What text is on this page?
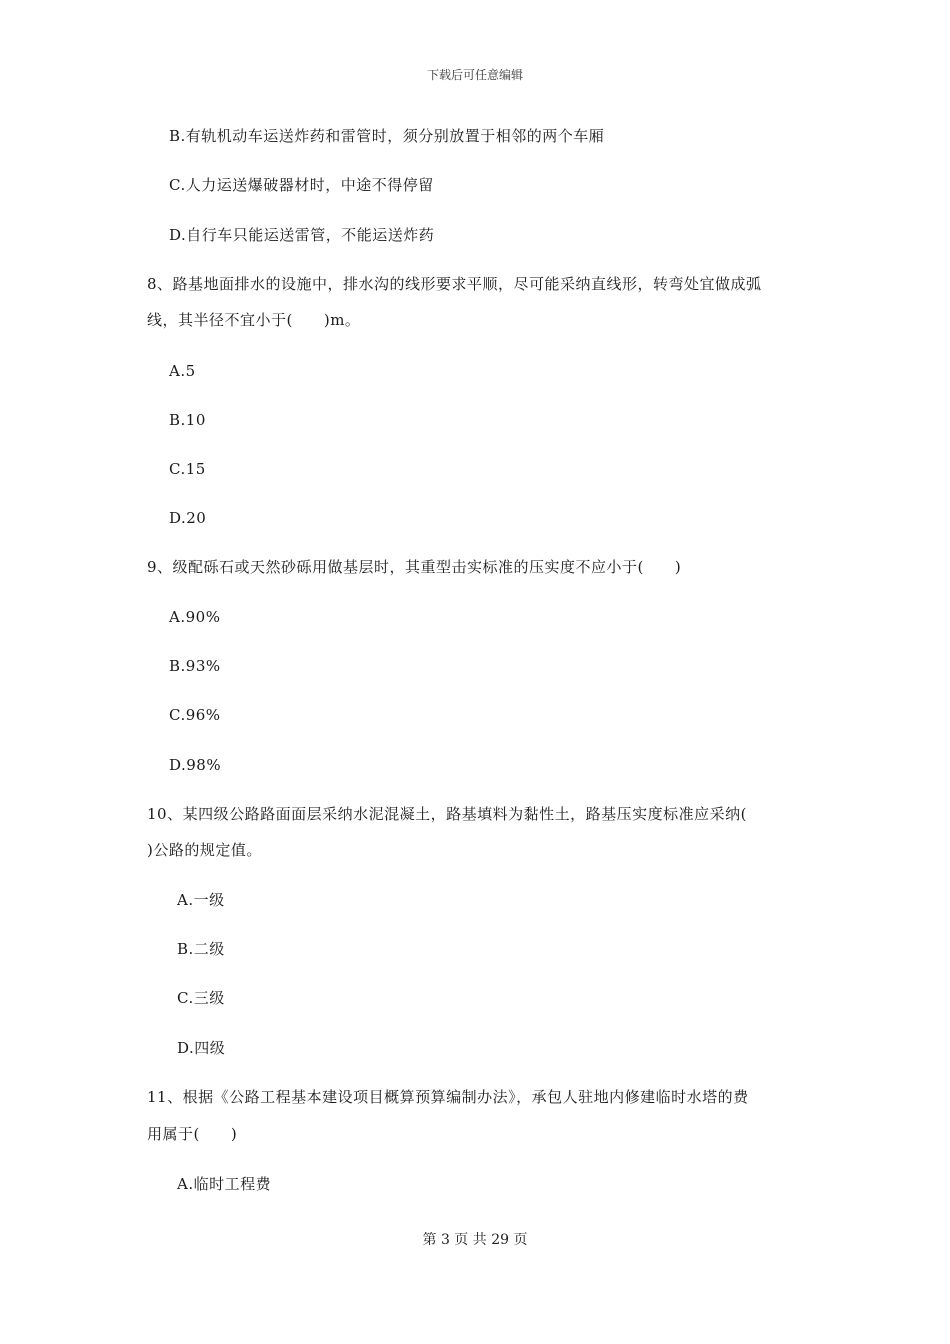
下载后可任意编辑
B.有轨机动车运送炸药和雷管时，须分别放置于相邻的两个车厢
C.人力运送爆破器材时，中途不得停留
D.自行车只能运送雷管，不能运送炸药
8、路基地面排水的设施中，排水沟的线形要求平顺，尽可能采纳直线形，转弯处宜做成弧
线，其半径不宜小于(　　)m。
A.5
B.10
C.15
D.20
9、级配砾石或天然砂砾用做基层时，其重型击实标准的压实度不应小于(　　)
A.90%
B.93%
C.96%
D.98%
10、某四级公路路面面层采纳水泥混凝土，路基填料为黏性土，路基压实度标准应采纳(
)公路的规定值。
A.一级
B.二级
C.三级
D.四级
11、根据《公路工程基本建设项目概算预算编制办法》，承包人驻地内修建临时水塔的费
用属于(　　)
A.临时工程费
第 3 页 共 29 页
